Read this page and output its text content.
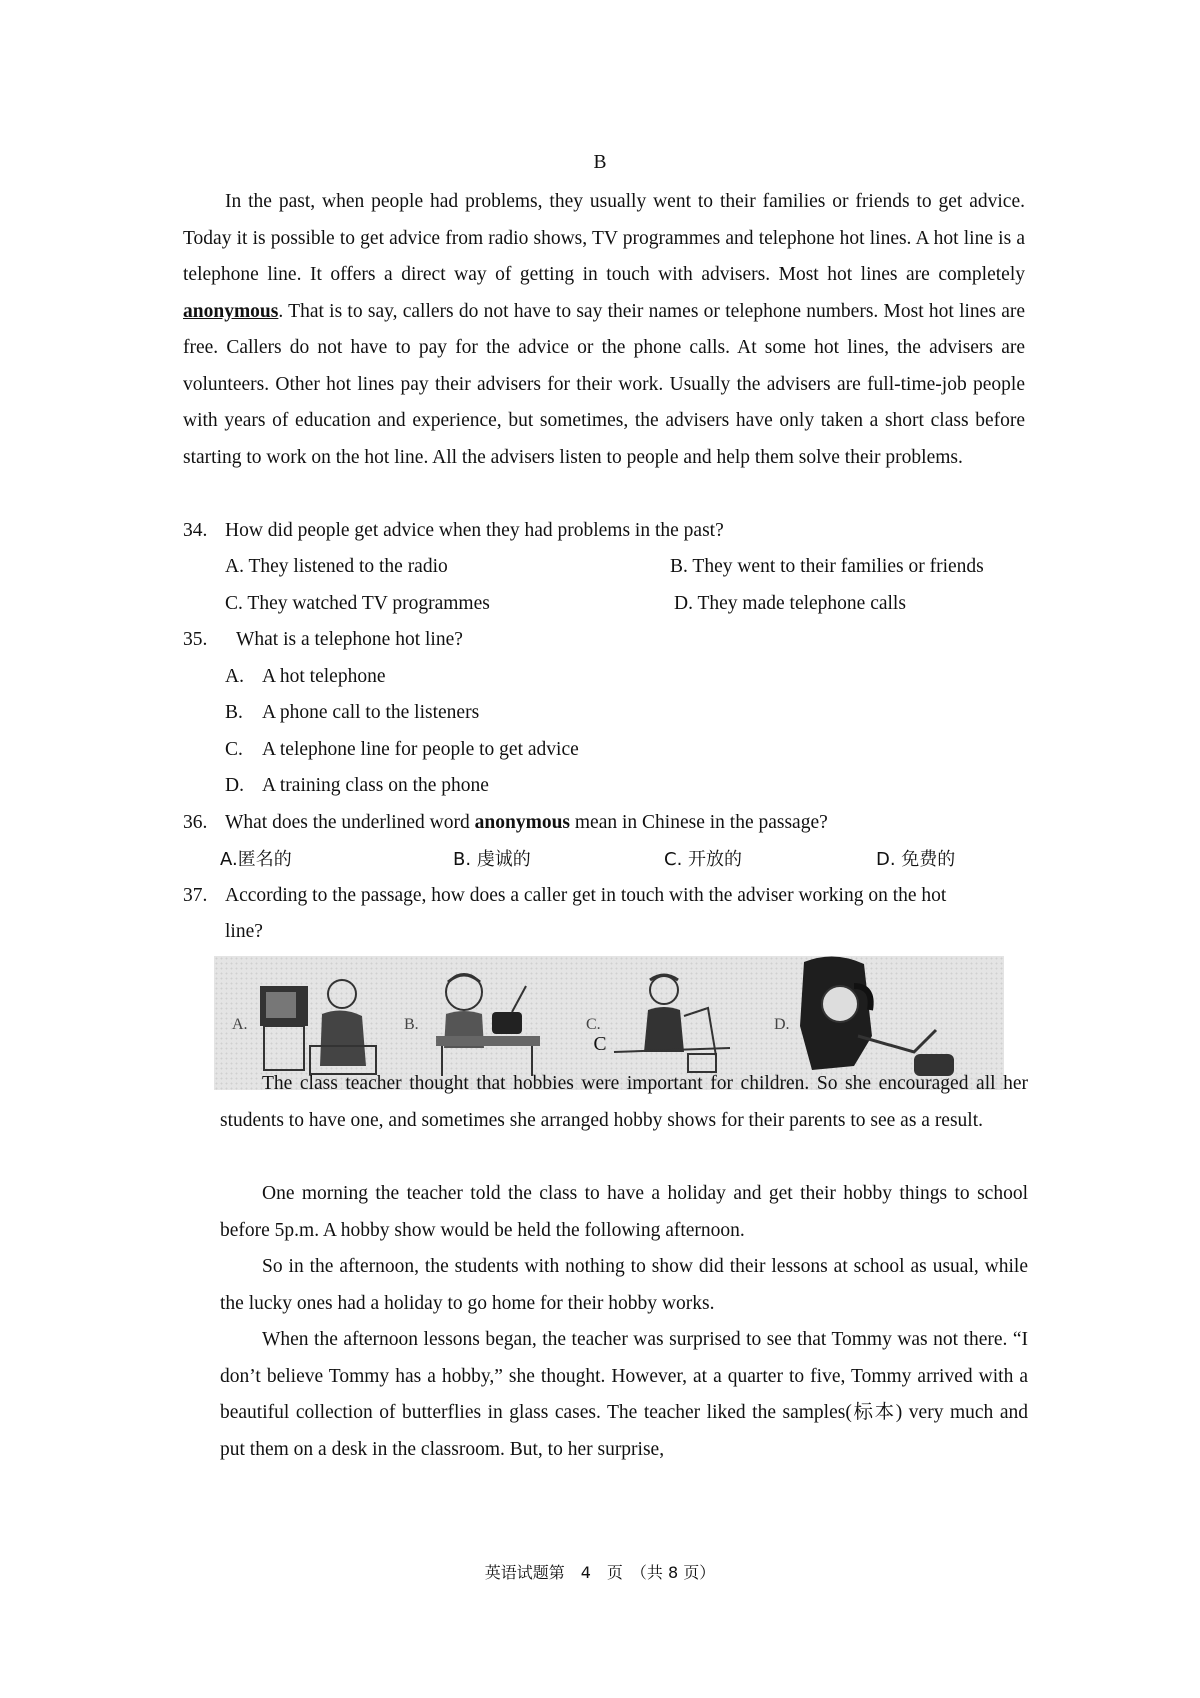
B

In the past, when people had problems, they usually went to their families or friends to get advice. Today it is possible to get advice from radio shows, TV programmes and telephone hot lines. A hot line is a telephone line. It offers a direct way of getting in touch with advisers. Most hot lines are completely anonymous. That is to say, callers do not have to say their names or telephone numbers. Most hot lines are free. Callers do not have to pay for the advice or the phone calls. At some hot lines, the advisers are volunteers. Other hot lines pay their advisers for their work. Usually the advisers are full-time-job people with years of education and experience, but sometimes, the advisers have only taken a short class before starting to work on the hot line. All the advisers listen to people and help them solve their problems.

34. How did people get advice when they had problems in the past?
A. They listened to the radio	B. They went to their families or friends
C. They watched TV programmes	D. They made telephone calls
35. What is a telephone hot line?
A. A hot telephone
B. A phone call to the listeners
C. A telephone line for people to get advice
D. A training class on the phone
36. What does the underlined word anonymous mean in Chinese in the passage?
A.匿名的	B. 虔诚的	C. 开放的	D. 免费的
37. According to the passage, how does a caller get in touch with the adviser working on the hot
line?
A.	B.	C.	D.
C

The class teacher thought that hobbies were important for children. So she encouraged all her students to have one, and sometimes she arranged hobby shows for their parents to see as a result.

One morning the teacher told the class to have a holiday and get their hobby things to school before 5p.m. A hobby show would be held the following afternoon.

So in the afternoon, the students with nothing to show did their lessons at school as usual, while the lucky ones had a holiday to go home for their hobby works.

When the afternoon lessons began, the teacher was surprised to see that Tommy was not there. “I don’t believe Tommy has a hobby,” she thought. However, at a quarter to five, Tommy arrived with a beautiful collection of butterflies in glass cases. The teacher liked the samples(标本) very much and put them on a desk in the classroom. But, to her surprise,

英语试题第　4　页　（共 8 页）
